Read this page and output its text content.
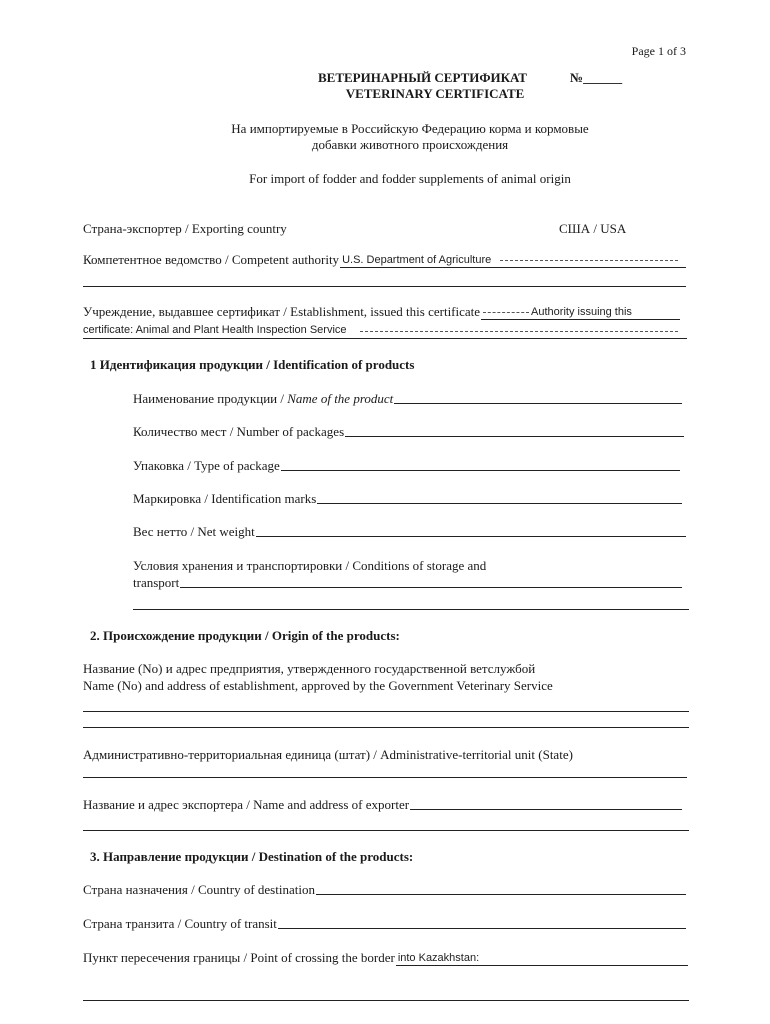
Page 1 of 3
ВЕТЕРИНАРНЫЙ СЕРТИФИКАТ	№______
VETERINARY CERTIFICATE
На импортируемые в Российскую Федерацию корма и кормовые
добавки животного происхождения
For import of fodder and fodder supplements of animal origin
Страна-экспортер / Exporting country	США / USA
Компетентное ведомство / Competent authority U.S. Department of Agriculture
Учреждение, выдавшее сертификат / Establishment, issued this certificate	Authority issuing this
certificate: Animal and Plant Health Inspection Service
1 Идентификация продукции / Identification of products
Наименование продукции / Name of the product
Количество мест / Number of packages
Упаковка / Type of package
Маркировка / Identification marks
Вес нетто / Net weight
Условия хранения и транспортировки / Conditions of storage and
transport
2. Происхождение продукции / Origin of the products:
Название (No) и адрес предприятия, утвержденного государственной ветслужбой
Name (No) and address of establishment, approved by the Government Veterinary Service
Административно-территориальная единица (штат) / Administrative-territorial unit (State)
Название и адрес экспортера / Name and address of exporter
3. Направление продукции / Destination of the products:
Страна назначения / Country of destination
Страна транзита / Country of transit
Пункт пересечения границы / Point of crossing the border into Kazakhstan:
